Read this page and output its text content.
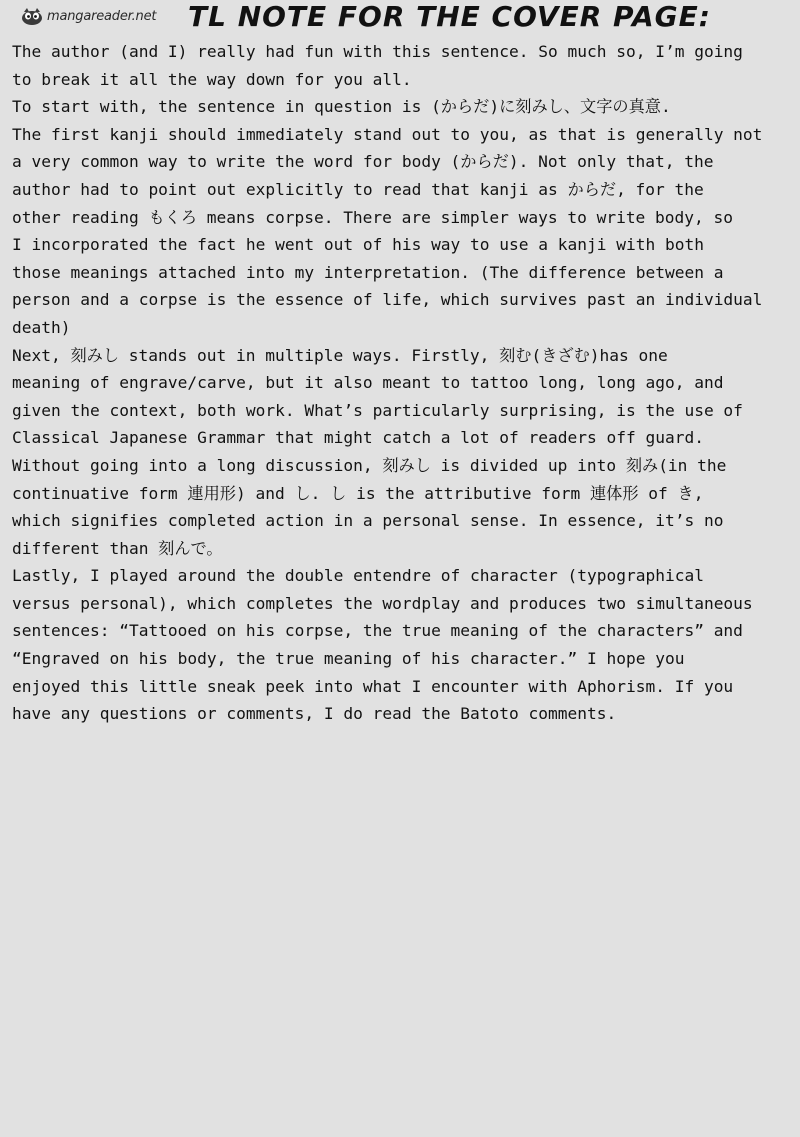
mangareader.net TL NOTE FOR THE COVER PAGE:
The author (and I) really had fun with this sentence. So much so, I’m going
to break it all the way down for you all.
To start with, the sentence in question is (からだ)に刻みし、文字の真意.
The first kanji should immediately stand out to you, as that is generally not
a very common way to write the word for body (からだ). Not only that, the
author had to point out explicitly to read that kanji as からだ, for the
other reading もくろ means corpse. There are simpler ways to write body, so
I incorporated the fact he went out of his way to use a kanji with both
those meanings attached into my interpretation. (The difference between a
person and a corpse is the essence of life, which survives past an individual
death)
Next, 刻みし stands out in multiple ways. Firstly, 刻む(きざむ)has one
meaning of engrave/carve, but it also meant to tattoo long, long ago, and
given the context, both work. What’s particularly surprising, is the use of
Classical Japanese Grammar that might catch a lot of readers off guard.
Without going into a long discussion, 刻みし is divided up into 刻み(in the
continuative form 連用形) and し. し is the attributive form 連体形 of き,
which signifies completed action in a personal sense. In essence, it’s no
different than 刻んで。
Lastly, I played around the double entendre of character (typographical
versus personal), which completes the wordplay and produces two simultaneous
sentences: “Tattooed on his corpse, the true meaning of the characters” and
“Engraved on his body, the true meaning of his character.” I hope you
enjoyed this little sneak peek into what I encounter with Aphorism. If you
have any questions or comments, I do read the Batoto comments.
